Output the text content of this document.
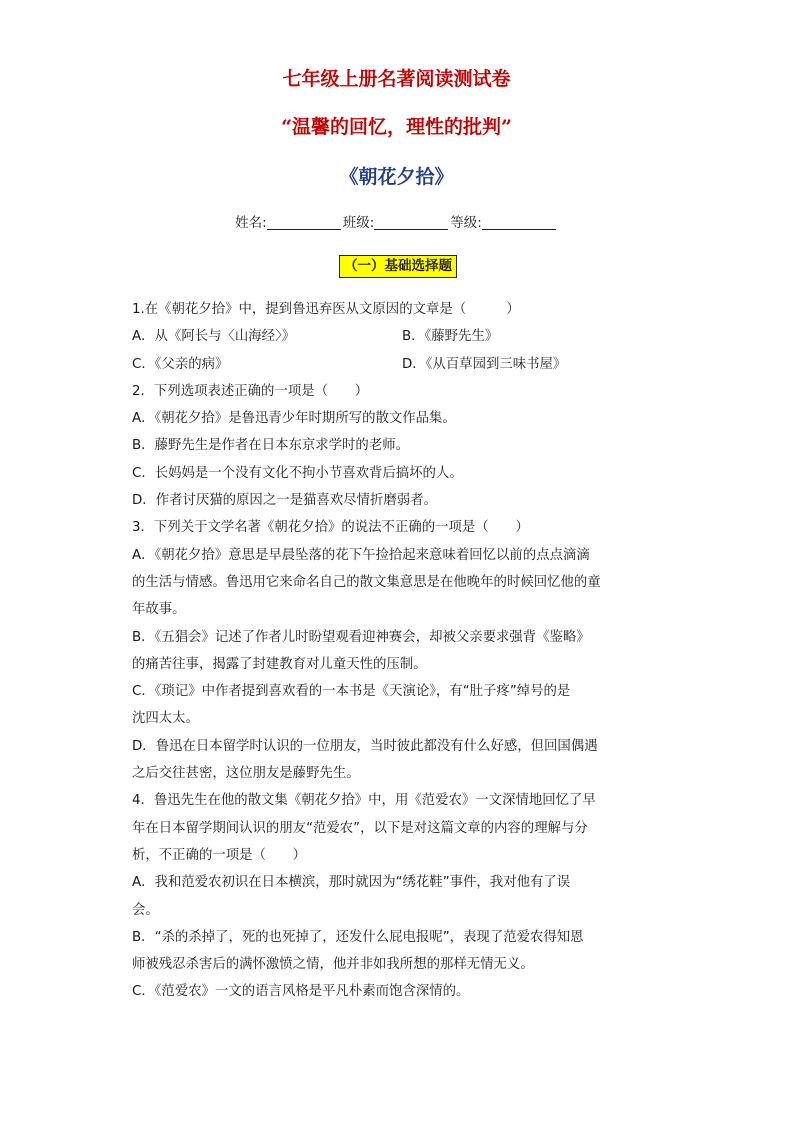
七年级上册名著阅读测试卷
“温馨的回忆，理性的批判”
《朝花夕拾》
姓名:	班级:	等级:
（一）基础选择题

1.在《朝花夕拾》中，提到鲁迅弃医从文原因的文章是（　　　）

A．从《阿长与〈山海经〉》	B．《藤野先生》
C．《父亲的病》	D．《从百草园到三味书屋》

2．下列选项表述正确的一项是（　　）

A．《朝花夕拾》是鲁迅青少年时期所写的散文作品集。

B．藤野先生是作者在日本东京求学时的老师。

C．长妈妈是一个没有文化不拘小节喜欢背后搞坏的人。

D．作者讨厌猫的原因之一是猫喜欢尽情折磨弱者。

3．下列关于文学名著《朝花夕拾》的说法不正确的一项是（　　）

A．《朝花夕拾》意思是早晨坠落的花下午捡拾起来意味着回忆以前的点点滴滴

的生活与情感。鲁迅用它来命名自己的散文集意思是在他晚年的时候回忆他的童

年故事。

B．《五猖会》记述了作者儿时盼望观看迎神赛会，却被父亲要求强背《鉴略》

的痛苦往事，揭露了封建教育对儿童天性的压制。

C．《琐记》中作者提到喜欢看的一本书是《天演论》，有“肚子疼”绰号的是

沈四太太。

D．鲁迅在日本留学时认识的一位朋友，当时彼此都没有什么好感，但回国偶遇

之后交往甚密，这位朋友是藤野先生。

4．鲁迅先生在他的散文集《朝花夕拾》中，用《范爱农》一文深情地回忆了早

年在日本留学期间认识的朋友“范爱农”，以下是对这篇文章的内容的理解与分

析，不正确的一项是（　　）

A．我和范爱农初识在日本横滨，那时就因为“绣花鞋”事件，我对他有了误

会。

B．“杀的杀掉了，死的也死掉了，还发什么屁电报呢”，表现了范爱农得知恩

师被残忍杀害后的满怀激愤之情，他并非如我所想的那样无情无义。

C．《范爱农》一文的语言风格是平凡朴素而饱含深情的。
